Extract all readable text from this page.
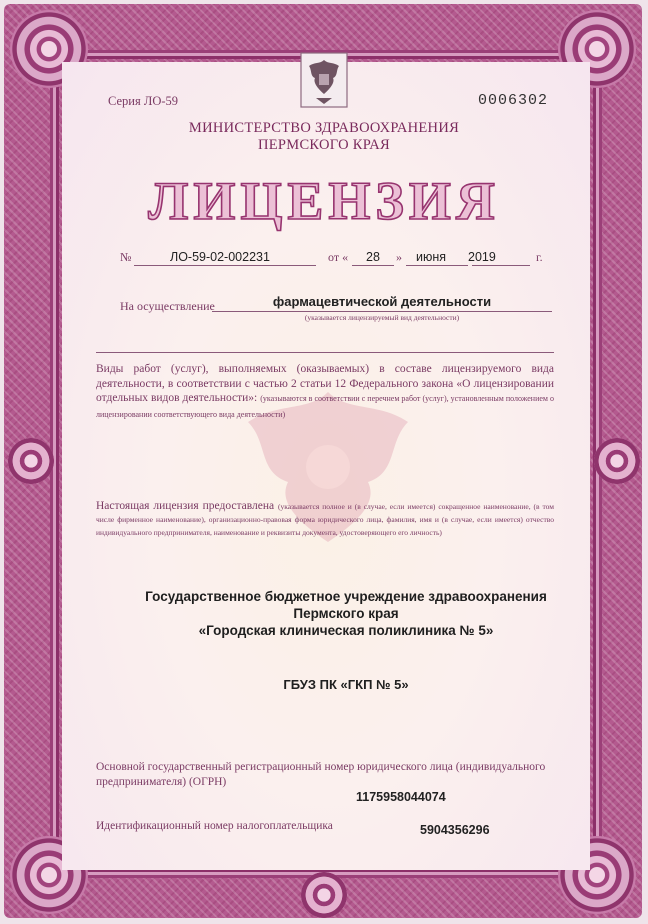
Серия ЛО-59	0006302
МИНИСТЕРСТВО ЗДРАВООХРАНЕНИЯ
ПЕРМСКОГО КРАЯ
ЛИЦЕНЗИЯ
№	ЛО-59-02-002231	от « 28 » июня 2019	г.
На осуществление	фармацевтической деятельности
(указывается лицензируемый вид деятельности)
Виды работ (услуг), выполняемых (оказываемых) в составе лицензируемого вида деятельности, в соответствии с частью 2 статьи 12 Федерального закона «О лицензировании отдельных видов деятельности»: (указываются в соответствии с перечнем работ (услуг), установленным положением о лицензировании соответствующего вида деятельности)
Настоящая лицензия предоставлена (указывается полное и (в случае, если имеется) сокращенное наименование, (в том числе фирменное наименование), организационно-правовая форма юридического лица, фамилия, имя и (в случае, если имеется) отчество индивидуального предпринимателя, наименование и реквизиты документа, удостоверяющего его личность)
Государственное бюджетное учреждение здравоохранения
Пермского края
«Городская клиническая поликлиника № 5»
ГБУЗ ПК «ГКП № 5»
Основной государственный регистрационный номер юридического лица (индивидуального предпринимателя) (ОГРН)
1175958044074
Идентификационный номер налогоплательщика	5904356296
